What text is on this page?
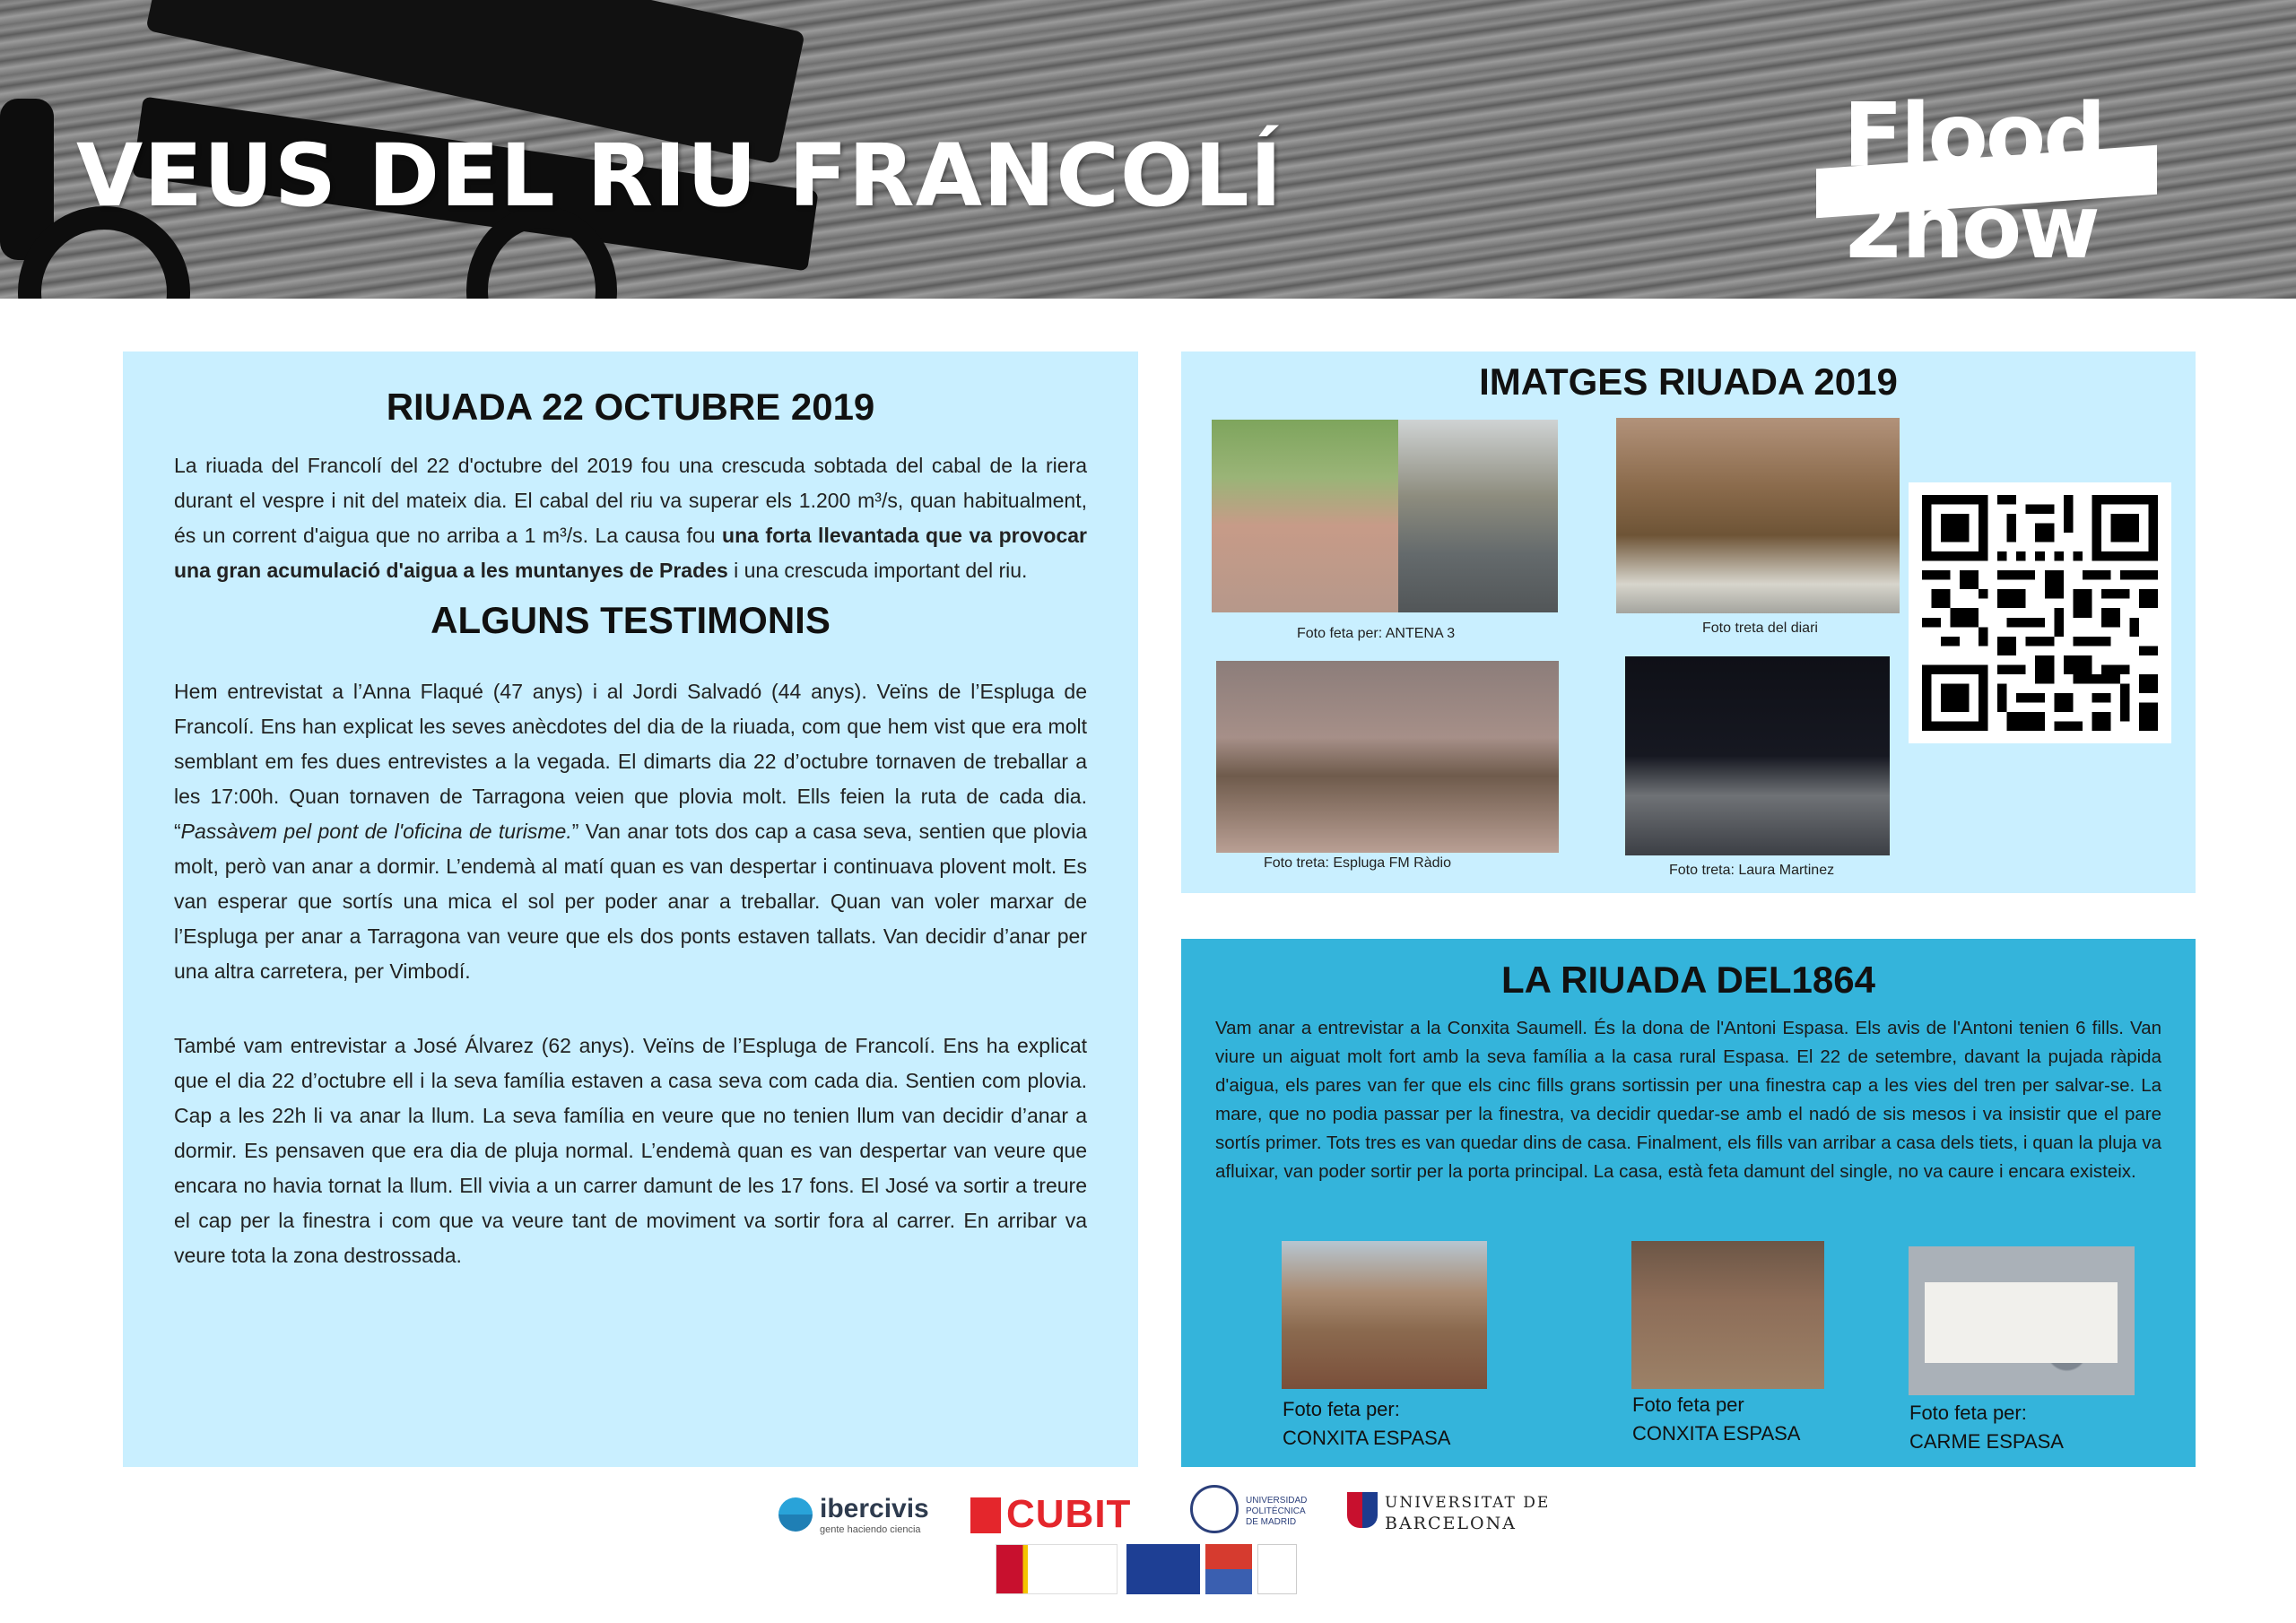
VEUS DEL RIU FRANCOLÍ	Flood
2now
RIUADA 22 OCTUBRE 2019

La riuada del Francolí del 22 d'octubre del 2019 fou una crescuda sobtada del cabal de la riera durant el vespre i nit del mateix dia. El cabal del riu va superar els 1.200 m³/s, quan habitualment, és un corrent d'aigua que no arriba a 1 m³/s. La causa fou una forta llevantada que va provocar una gran acumulació d'aigua a les muntanyes de Prades i una crescuda important del riu.

ALGUNS TESTIMONIS

Hem entrevistat a l’Anna Flaqué (47 anys) i al Jordi Salvadó (44 anys). Veïns de l’Espluga de Francolí. Ens han explicat les seves anècdotes del dia de la riuada, com que hem vist que era molt semblant em fes dues entrevistes a la vegada. El dimarts dia 22 d’octubre tornaven de treballar a les 17:00h. Quan tornaven de Tarragona veien que plovia molt. Ells feien la ruta de cada dia. “Passàvem pel pont de l'oficina de turisme.” Van anar tots dos cap a casa seva, sentien que plovia molt, però van anar a dormir. L’endemà al matí quan es van despertar i continuava plovent molt. Es van esperar que sortís una mica el sol per poder anar a treballar. Quan van voler marxar de l’Espluga per anar a Tarragona van veure que els dos ponts estaven tallats. Van decidir d’anar per una altra carretera, per Vimbodí.

També vam entrevistar a José Álvarez (62 anys). Veïns de l’Espluga de Francolí. Ens ha explicat que el dia 22 d’octubre ell i la seva família estaven a casa seva com cada dia. Sentien com plovia. Cap a les 22h li va anar la llum. La seva família en veure que no tenien llum van decidir d’anar a dormir. Es pensaven que era dia de pluja normal. L’endemà quan es van despertar van veure que encara no havia tornat la llum. Ell vivia a un carrer damunt de les 17 fons. El José va sortir a treure el cap per la finestra i com que va veure tant de moviment va sortir fora al carrer. En arribar va veure tota la zona destrossada.

IMATGES RIUADA 2019
Foto feta per: ANTENA 3	Foto treta del diari
Foto treta: Espluga FM Ràdio	Foto treta: Laura Martinez
LA RIUADA DEL1864

Vam anar a entrevistar a la Conxita Saumell. És la dona de l'Antoni Espasa. Els avis de l'Antoni tenien 6 fills. Van viure un aiguat molt fort amb la seva família a la casa rural Espasa. El 22 de setembre, davant la pujada ràpida d'aigua, els pares van fer que els cinc fills grans sortissin per una finestra cap a les vies del tren per salvar-se. La mare, que no podia passar per la finestra, va decidir quedar-se amb el nadó de sis mesos i va insistir que el pare sortís primer. Tots tres es van quedar dins de casa. Finalment, els fills van arribar a casa dels tiets, i quan la pluja va afluixar, van poder sortir per la porta principal. La casa, està feta damunt del single, no va caure i encara existeix.

Foto feta per:
CONXITA ESPASA
Foto feta per
CONXITA ESPASA
Foto feta per:
CARME ESPASA
ibercivis
gente haciendo ciencia CUBIT	UNIVERSIDAD
POLITÉCNICA
DE MADRID
UNIVERSITAT DE
BARCELONA
